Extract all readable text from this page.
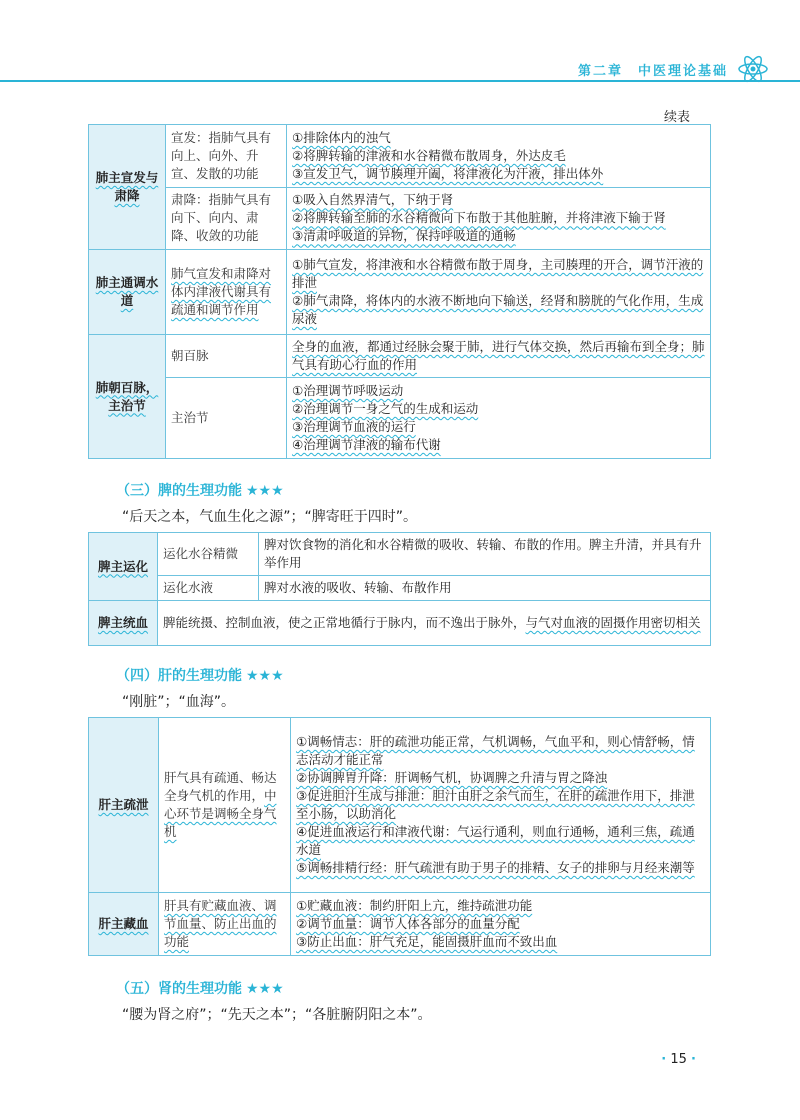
第二章　中医理论基础
续表
肺主宣发与肃降	宣发：指肺气具有向上、向外、升宣、发散的功能	①排除体内的浊气
②将脾转输的津液和水谷精微布散周身，外达皮毛
③宣发卫气，调节腠理开阖，将津液化为汗液，排出体外

	肃降：指肺气具有向下、向内、肃降、收敛的功能	①吸入自然界清气，下纳于肾
②将脾转输至肺的水谷精微向下布散于其他脏腑，并将津液下输于肾
③清肃呼吸道的异物，保持呼吸道的通畅

肺主通调水道	肺气宣发和肃降对体内津液代谢具有疏通和调节作用	①肺气宣发，将津液和水谷精微布散于周身，主司腠理的开合，调节汗液的排泄
②肺气肃降，将体内的水液不断地向下输送，经肾和膀胱的气化作用，生成尿液

肺朝百脉，主治节	朝百脉	全身的血液，都通过经脉会聚于肺，进行气体交换，然后再输布到全身；肺气具有助心行血的作用
	主治节	①治理调节呼吸运动
②治理调节一身之气的生成和运动
③治理调节血液的运行
④治理调节津液的输布代谢
（三）脾的生理功能 ★★★
“后天之本，气血生化之源”；“脾寄旺于四时”。
脾主运化	运化水谷精微	脾对饮食物的消化和水谷精微的吸收、转输、布散的作用。脾主升清，并具有升举作用
	运化水液	脾对水液的吸收、转输、布散作用
脾主统血	脾能统摄、控制血液，使之正常地循行于脉内，而不逸出于脉外，与气对血液的固摄作用密切相关	
（四）肝的生理功能 ★★★
“刚脏”；“血海”。
肝主疏泄	肝气具有疏通、畅达全身气机的作用，中心环节是调畅全身气机	①调畅情志：肝的疏泄功能正常，气机调畅，气血平和，则心情舒畅，情志活动才能正常
②协调脾胃升降：肝调畅气机，协调脾之升清与胃之降浊
③促进胆汁生成与排泄：胆汁由肝之余气而生，在肝的疏泄作用下，排泄至小肠，以助消化
④促进血液运行和津液代谢：气运行通利，则血行通畅，通利三焦，疏通水道
⑤调畅排精行经：肝气疏泄有助于男子的排精、女子的排卵与月经来潮等

肝主藏血	肝具有贮藏血液、调节血量、防止出血的功能	①贮藏血液：制约肝阳上亢，维持疏泄功能
②调节血量：调节人体各部分的血量分配
③防止出血：肝气充足，能固摄肝血而不致出血
（五）肾的生理功能 ★★★
“腰为肾之府”；“先天之本”；“各脏腑阴阳之本”。
· 15 ·
